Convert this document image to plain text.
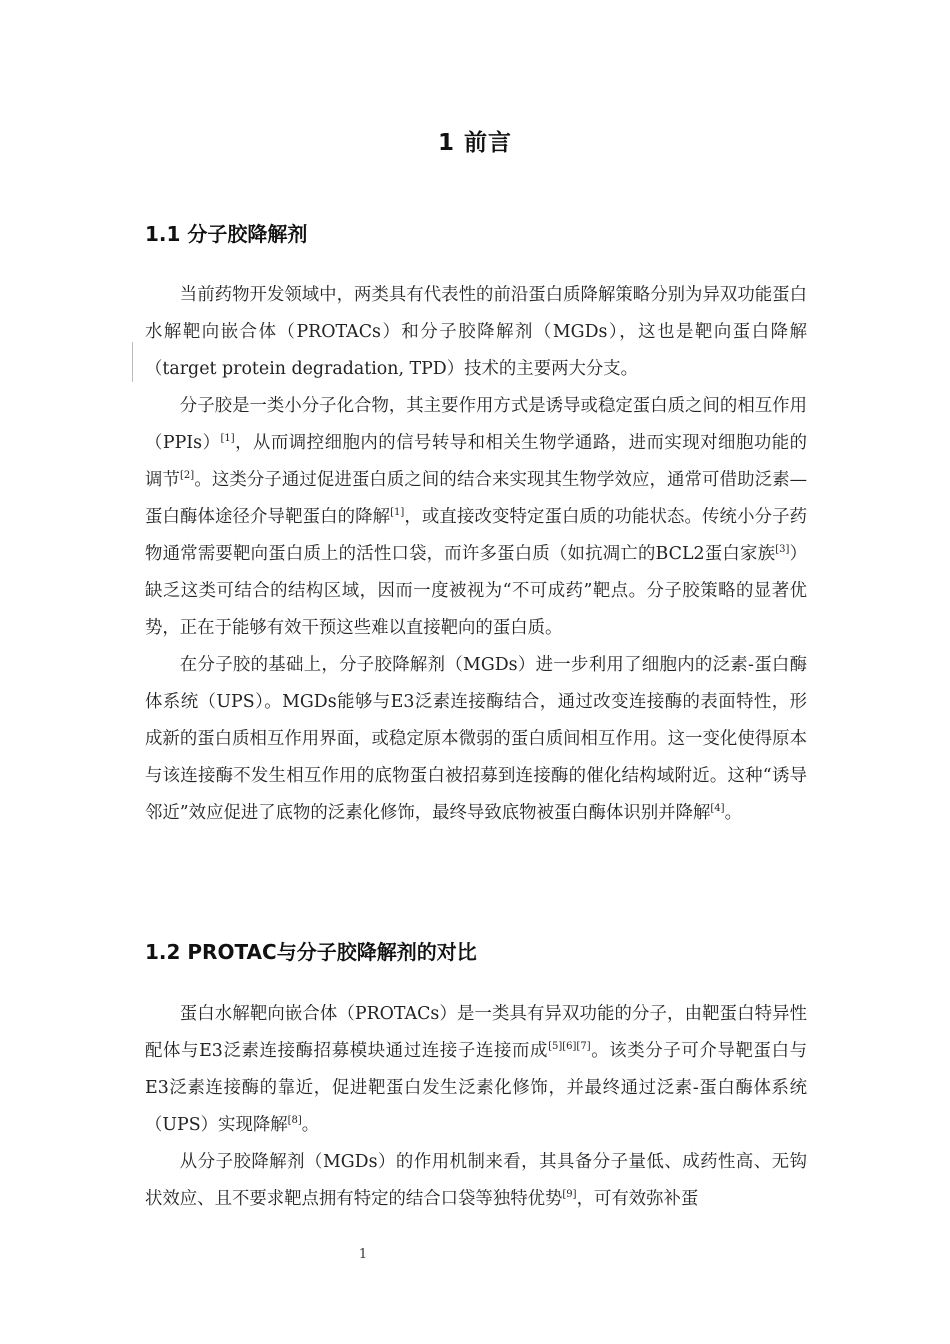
1 前言
1.1 分子胶降解剂

当前药物开发领域中，两类具有代表性的前沿蛋白质降解策略分别为异双功能蛋白水解靶向嵌合体（PROTACs）和分子胶降解剂（MGDs），这也是靶向蛋白降解（target protein degradation, TPD）技术的主要两大分支。

分子胶是一类小分子化合物，其主要作用方式是诱导或稳定蛋白质之间的相互作用（PPIs）[1]，从而调控细胞内的信号转导和相关生物学通路，进而实现对细胞功能的调节[2]。这类分子通过促进蛋白质之间的结合来实现其生物学效应，通常可借助泛素—蛋白酶体途径介导靶蛋白的降解[1]，或直接改变特定蛋白质的功能状态。传统小分子药物通常需要靶向蛋白质上的活性口袋，而许多蛋白质（如抗凋亡的BCL2蛋白家族[3]）缺乏这类可结合的结构区域，因而一度被视为“不可成药”靶点。分子胶策略的显著优势，正在于能够有效干预这些难以直接靶向的蛋白质。

在分子胶的基础上，分子胶降解剂（MGDs）进一步利用了细胞内的泛素-蛋白酶体系统（UPS）。MGDs能够与E3泛素连接酶结合，通过改变连接酶的表面特性，形成新的蛋白质相互作用界面，或稳定原本微弱的蛋白质间相互作用。这一变化使得原本与该连接酶不发生相互作用的底物蛋白被招募到连接酶的催化结构域附近。这种“诱导邻近”效应促进了底物的泛素化修饰，最终导致底物被蛋白酶体识别并降解[4]。

1.2 PROTAC与分子胶降解剂的对比

蛋白水解靶向嵌合体（PROTACs）是一类具有异双功能的分子，由靶蛋白特异性配体与E3泛素连接酶招募模块通过连接子连接而成[5][6][7]。该类分子可介导靶蛋白与E3泛素连接酶的靠近，促进靶蛋白发生泛素化修饰，并最终通过泛素-蛋白酶体系统（UPS）实现降解[8]。

从分子胶降解剂（MGDs）的作用机制来看，其具备分子量低、成药性高、无钩状效应、且不要求靶点拥有特定的结合口袋等独特优势[9]，可有效弥补蛋

1
